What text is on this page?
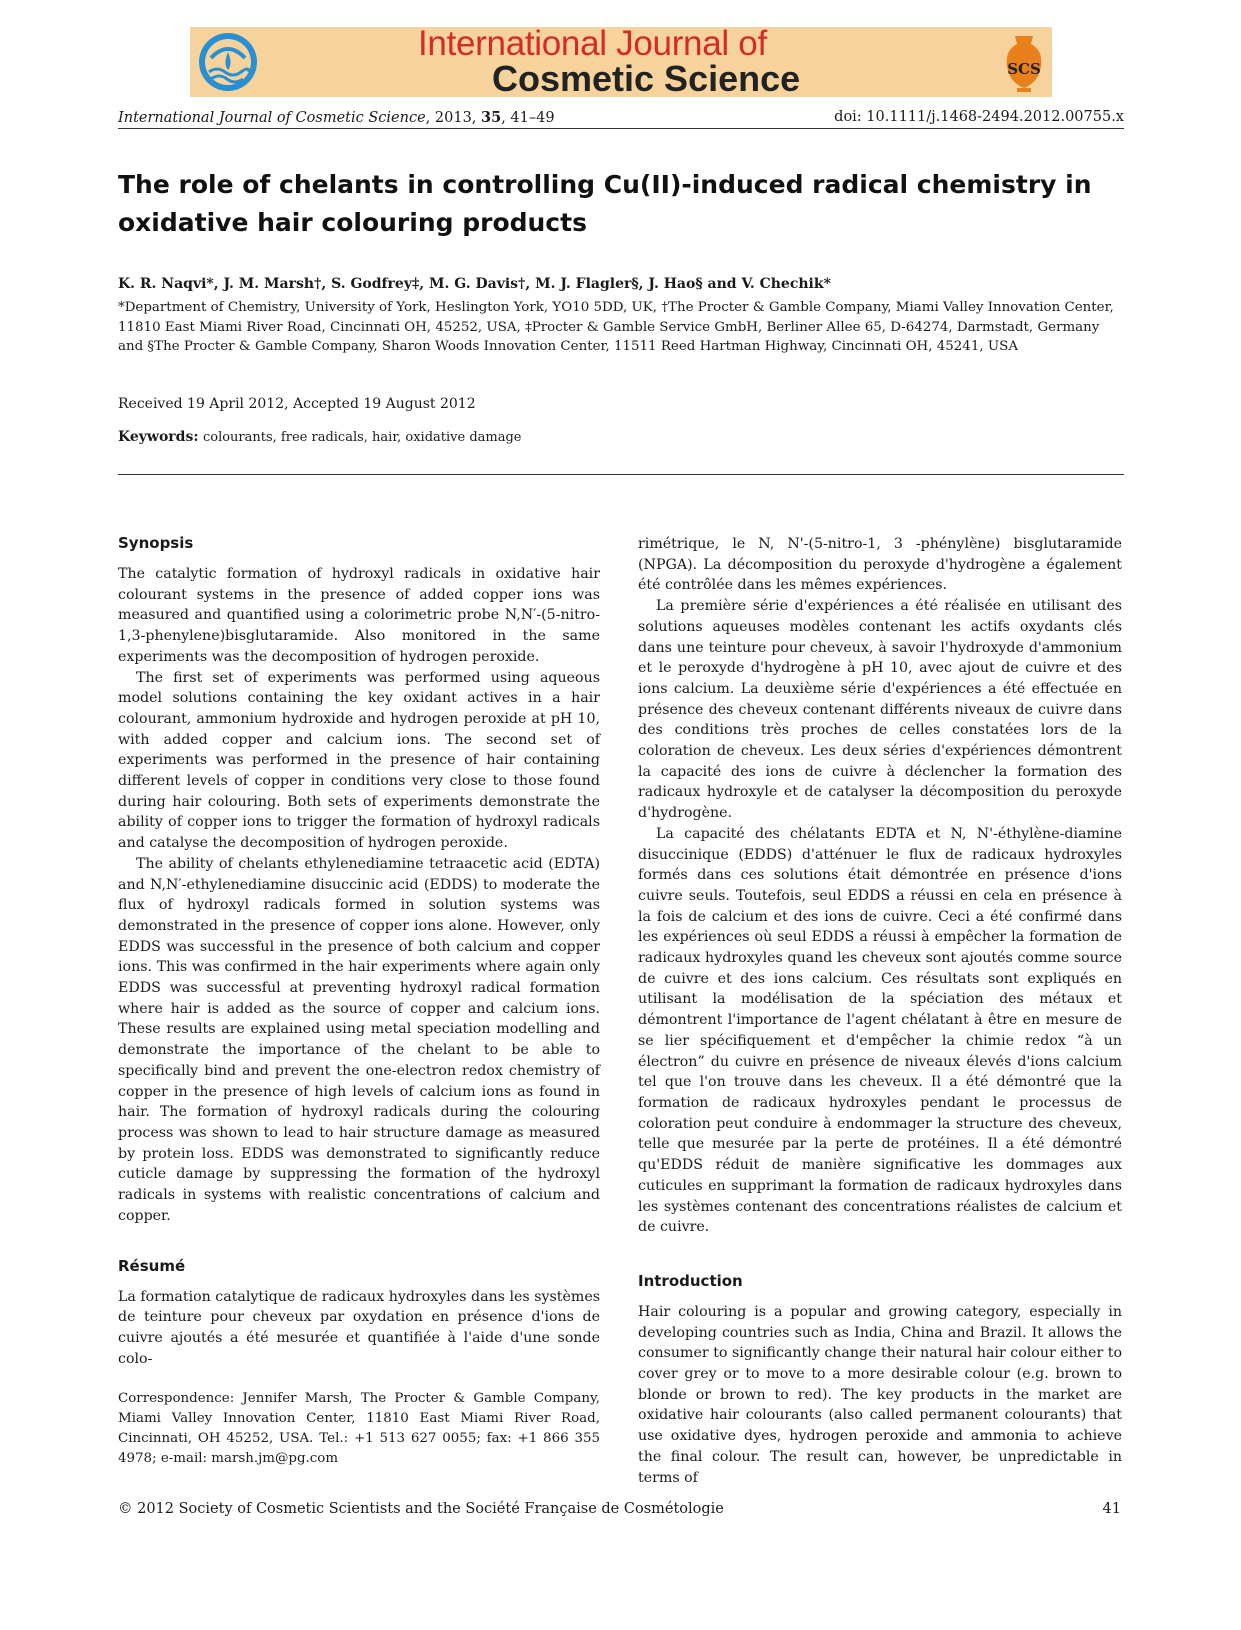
International Journal of
Cosmetic Science	SCS
International Journal of Cosmetic Science, 2013, 35, 41–49	doi: 10.1111/j.1468-2494.2012.00755.x
The role of chelants in controlling Cu(II)-induced radical chemistry in oxidative hair colouring products
K. R. Naqvi*, J. M. Marsh†, S. Godfrey‡, M. G. Davis†, M. J. Flagler§, J. Hao§ and V. Chechik*
*Department of Chemistry, University of York, Heslington York, YO10 5DD, UK, †The Procter & Gamble Company, Miami Valley Innovation Center, 11810 East Miami River Road, Cincinnati OH, 45252, USA, ‡Procter & Gamble Service GmbH, Berliner Allee 65, D-64274, Darmstadt, Germany and §The Procter & Gamble Company, Sharon Woods Innovation Center, 11511 Reed Hartman Highway, Cincinnati OH, 45241, USA
Received 19 April 2012, Accepted 19 August 2012
Keywords: colourants, free radicals, hair, oxidative damage
Synopsis

The catalytic formation of hydroxyl radicals in oxidative hair colourant systems in the presence of added copper ions was measured and quantified using a colorimetric probe N,N′-(5-nitro-1,3-phenylene)bisglutaramide. Also monitored in the same experiments was the decomposition of hydrogen peroxide.

The first set of experiments was performed using aqueous model solutions containing the key oxidant actives in a hair colourant, ammonium hydroxide and hydrogen peroxide at pH 10, with added copper and calcium ions. The second set of experiments was performed in the presence of hair containing different levels of copper in conditions very close to those found during hair colouring. Both sets of experiments demonstrate the ability of copper ions to trigger the formation of hydroxyl radicals and catalyse the decomposition of hydrogen peroxide.

The ability of chelants ethylenediamine tetraacetic acid (EDTA) and N,N′-ethylenediamine disuccinic acid (EDDS) to moderate the flux of hydroxyl radicals formed in solution systems was demonstrated in the presence of copper ions alone. However, only EDDS was successful in the presence of both calcium and copper ions. This was confirmed in the hair experiments where again only EDDS was successful at preventing hydroxyl radical formation where hair is added as the source of copper and calcium ions. These results are explained using metal speciation modelling and demonstrate the importance of the chelant to be able to specifically bind and prevent the one-electron redox chemistry of copper in the presence of high levels of calcium ions as found in hair. The formation of hydroxyl radicals during the colouring process was shown to lead to hair structure damage as measured by protein loss. EDDS was demonstrated to significantly reduce cuticle damage by suppressing the formation of the hydroxyl radicals in systems with realistic concentrations of calcium and copper.

Résumé

La formation catalytique de radicaux hydroxyles dans les systèmes de teinture pour cheveux par oxydation en présence d'ions de cuivre ajoutés a été mesurée et quantifiée à l'aide d'une sonde colo-

Correspondence: Jennifer Marsh, The Procter & Gamble Company, Miami Valley Innovation Center, 11810 East Miami River Road, Cincinnati, OH 45252, USA. Tel.: +1 513 627 0055; fax: +1 866 355 4978; e-mail: marsh.jm@pg.com

rimétrique, le N, N'-(5-nitro-1, 3 -phénylène) bisglutaramide (NPGA). La décomposition du peroxyde d'hydrogène a également été contrôlée dans les mêmes expériences.

La première série d'expériences a été réalisée en utilisant des solutions aqueuses modèles contenant les actifs oxydants clés dans une teinture pour cheveux, à savoir l'hydroxyde d'ammonium et le peroxyde d'hydrogène à pH 10, avec ajout de cuivre et des ions calcium. La deuxième série d'expériences a été effectuée en présence des cheveux contenant différents niveaux de cuivre dans des conditions très proches de celles constatées lors de la coloration de cheveux. Les deux séries d'expériences démontrent la capacité des ions de cuivre à déclencher la formation des radicaux hydroxyle et de catalyser la décomposition du peroxyde d'hydrogène.

La capacité des chélatants EDTA et N, N'-éthylène-diamine disuccinique (EDDS) d'atténuer le flux de radicaux hydroxyles formés dans ces solutions était démontrée en présence d'ions cuivre seuls. Toutefois, seul EDDS a réussi en cela en présence à la fois de calcium et des ions de cuivre. Ceci a été confirmé dans les expériences où seul EDDS a réussi à empêcher la formation de radicaux hydroxyles quand les cheveux sont ajoutés comme source de cuivre et des ions calcium. Ces résultats sont expliqués en utilisant la modélisation de la spéciation des métaux et démontrent l'importance de l'agent chélatant à être en mesure de se lier spécifiquement et d'empêcher la chimie redox “à un électron” du cuivre en présence de niveaux élevés d'ions calcium tel que l'on trouve dans les cheveux. Il a été démontré que la formation de radicaux hydroxyles pendant le processus de coloration peut conduire à endommager la structure des cheveux, telle que mesurée par la perte de protéines. Il a été démontré qu'EDDS réduit de manière significative les dommages aux cuticules en supprimant la formation de radicaux hydroxyles dans les systèmes contenant des concentrations réalistes de calcium et de cuivre.

Introduction

Hair colouring is a popular and growing category, especially in developing countries such as India, China and Brazil. It allows the consumer to significantly change their natural hair colour either to cover grey or to move to a more desirable colour (e.g. brown to blonde or brown to red). The key products in the market are oxidative hair colourants (also called permanent colourants) that use oxidative dyes, hydrogen peroxide and ammonia to achieve the final colour. The result can, however, be unpredictable in terms of

© 2012 Society of Cosmetic Scientists and the Société Française de Cosmétologie	41
